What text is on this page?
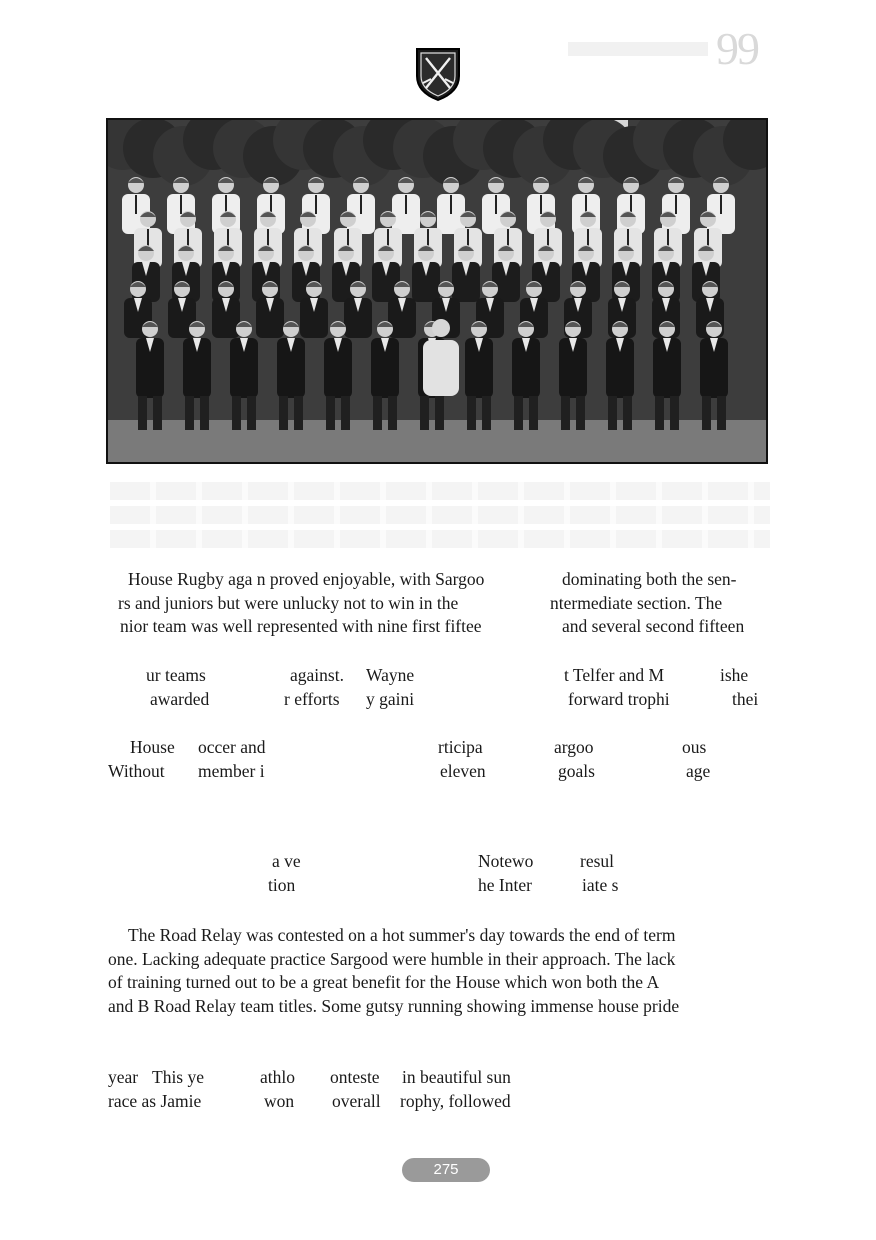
99
House Rugby aga n proved enjoyable, with Sargoo	dominating both the sen-
rs and juniors but were unlucky not to win in the	ntermediate section. The
nior team was well represented with nine first fiftee	and several second fifteen
ur teams	against. Wayne	t Telfer and M	ishe
awarded	r efforts y gaini	forward trophi	thei
House occer and	rticipa	argoo	ous
Without member i	eleven	goals	age
a ve	Notewo	resul
tion	he Inter	iate s
The Road Relay was contested on a hot summer's day towards the end of term
one. Lacking adequate practice Sargood were humble in their approach. The lack
of training turned out to be a great benefit for the House which won both the A
and B Road Relay team titles. Some gutsy running showing immense house pride
year This ye	athlo onteste in beautiful sun
race as Jamie	won overall rophy, followed
275
